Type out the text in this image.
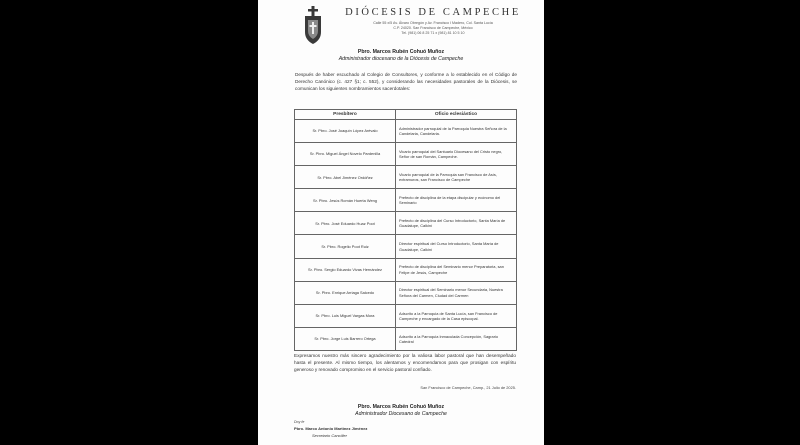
DIÓCESIS DE CAMPECHE
Calle 55 x/5 Av. Álvaro Obregón y Av. Francisco I Madero, Col. Santa Lucía
C.P. 24020. San Francisco de Campeche, México
Tel. (981) 06 8 25 71 x (981) 81 10 5 10
Pbro. Marcos Rubén Cohuó Muñoz
Administrador diocesano de la Diócesis de Campeche

Después de haber escuchado al Colegio de Consultores, y conforme a lo establecido en el Código de Derecho Canónico (c. 427 §1; c. 552), y considerando las necesidades pastorales de la Diócesis, se comunican los siguientes nombramientos sacerdotales:

Presbítero	Oficio eclesiástico
Sr. Pbro. José Joaquín López Arévalo	Administrador parroquial de la Parroquia Nuestra Señora de la Candelaria, Candelaria.
Sr. Pbro. Miguel Ángel Novelo Pardenilla	Vicario parroquial del Santuario Diocesano del Cristo negro, Señor de san Román, Campeche.
Sr. Pbro. Abel Jiménez Ordóñez	Vicario parroquial de la Parroquia san Francisco de Asís, extramuros, san Francisco de Campeche
Sr. Pbro. Jesús Román Huerta Weng	Prefecto de disciplina de la etapa discipular y ecónomo del Seminario
Sr. Pbro. José Eduardo Huaz Poot	Prefecto de disciplina del Curso Introductorio, Santa María de Guadalupe, Calkiní
Sr. Pbro. Rogelio Poot Ruiz	Director espiritual del Curso Introductorio, Santa María de Guadalupe, Calkiní
Sr. Pbro. Sergio Eduardo Vivas Hernández	Prefecto de disciplina del Seminario menor Preparatoria, san Felipe de Jesús, Campeche
Sr. Pbro. Enrique Arriaga Salcedo	Director espiritual del Seminario menor Secundaria, Nuestra Señora del Carmen, Ciudad del Carmen
Sr. Pbro. Luis Miguel Vargas Mora	Adscrito a la Parroquia de Santa Lucía, san Francisco de Campeche y encargado de la Casa episcopal.
Sr. Pbro. Jorge Luis Barrero Ortega	Adscrito a la Parroquia Inmaculada Concepción, Sagrario Catedral

Expresamos nuestro más sincero agradecimiento por la valiosa labor pastoral que han desempeñado hasta el presente. Al mismo tiempo, los alentamos y encomendamos para que prosigan con espíritu generoso y renovado compromiso en el servicio pastoral confiado.

San Francisco de Campeche, Camp., 21 Julio de 2025.
Pbro. Marcos Rubén Cohuó Muñoz
Administrador Diocesano de Campeche
Doy fe
Pbro. Marco Antonio Martínez Jiménez
Secretario Canciller
